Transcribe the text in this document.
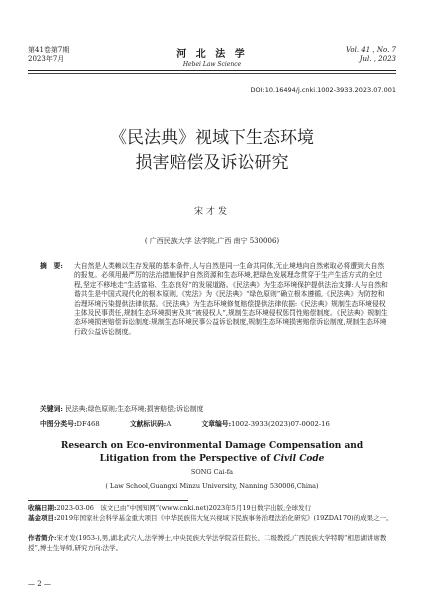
第41卷第7期
2023年7月	河 北 法 学
Hebei Law Science
Vol. 41 , No. 7
Jul. , 2023
DOI:10.16494/j.cnki.1002-3933.2023.07.001
《民法典》视域下生态环境
损害赔偿及诉讼研究
宋才发
( 广西民族大学 法学院,广西 南宁 530006)
摘　要:	大自然是人类赖以生存发展的基本条件,人与自然是同一生命共同体,无止境地向自然索取必将遭到大自然的报复。必须用最严厉的法治措施保护自然资源和生态环境,把绿色发展理念贯穿于生产生活方式的全过程,坚定不移地走“生活富裕、生态良好”的发展道路。《民法典》为生态环境保护提供法治支撑:人与自然和谐共生是中国式现代化的根本原则,《宪法》为《民法典》“绿色原则”确立根本遵循,《民法典》为防控和治理环境污染提供法律依据。《民法典》为生态环境修复赔偿提供法律依据:《民法典》规制生态环境侵权主体及民事责任,规制生态环境损害及其“被侵权人”,规制生态环境侵权惩罚性赔偿制度。《民法典》规制生态环境损害赔偿诉讼制度:规制生态环境民事公益诉讼制度,规制生态环境损害赔偿诉讼制度,规制生态环境行政公益诉讼制度。
关键词: 民法典;绿色原则;生态环境;损害赔偿;诉讼制度
中图分类号:DF468	文献标识码:A	文章编号:1002-3933(2023)07-0002-16
Research on Eco-environmental Damage Compensation and
Litigation from the Perspective of Civil Code
SONG Cai-fa
( Law School,Guangxi Minzu University, Nanning 530006,China)
收稿日期:2023-03-06　该文已由“中国知网”(www.cnki.net)2023年5月19日数字出版,全球发行
基金项目:2019年国家社会科学基金重大项目《中华民族伟大复兴视域下民族事务治理法治化研究》(19ZDA170)的成果之一。
作者简介:宋才发(1953-),男,湖北武穴人,法学博士,中央民族大学法学院首任院长、二级教授,广西民族大学特聘“相思湖讲席教授”,博士生导师,研究方向:法学。
— 2 —
